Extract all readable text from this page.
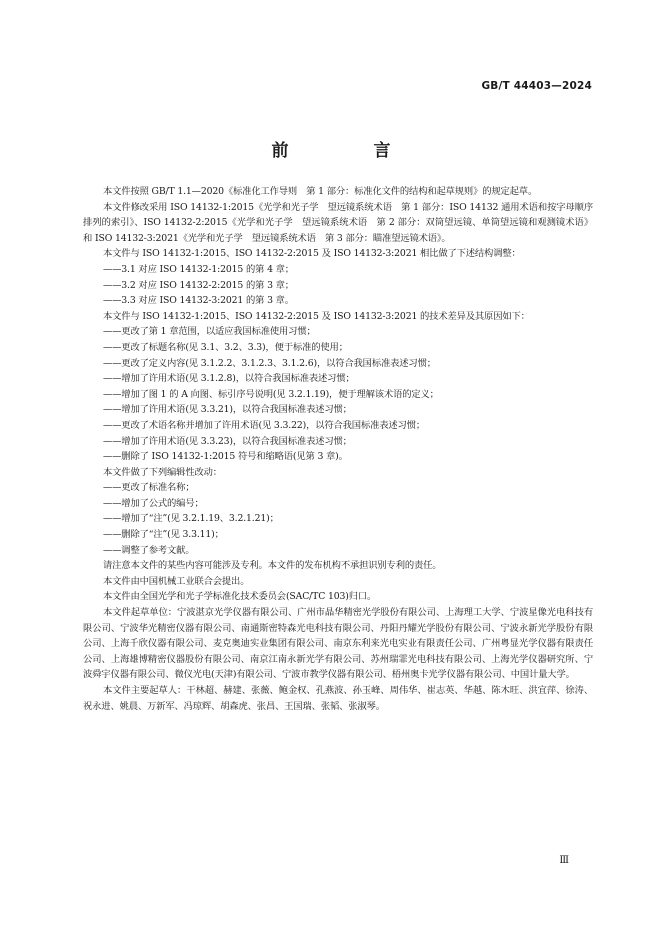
GB/T 44403—2024
前　言

本文件按照 GB/T 1.1—2020《标准化工作导则　第 1 部分：标准化文件的结构和起草规则》的规定起草。

本文件修改采用 ISO 14132-1:2015《光学和光子学　望远镜系统术语　第 1 部分：ISO 14132 通用术语和按字母顺序排列的索引》、ISO 14132-2:2015《光学和光子学　望远镜系统术语　第 2 部分：双筒望远镜、单筒望远镜和观测镜术语》和 ISO 14132-3:2021《光学和光子学　望远镜系统术语　第 3 部分：瞄准望远镜术语》。

本文件与 ISO 14132-1:2015、ISO 14132-2:2015 及 ISO 14132-3:2021 相比做了下述结构调整：

——3.1 对应 ISO 14132-1:2015 的第 4 章；

——3.2 对应 ISO 14132-2:2015 的第 3 章；

——3.3 对应 ISO 14132-3:2021 的第 3 章。

本文件与 ISO 14132-1:2015、ISO 14132-2:2015 及 ISO 14132-3:2021 的技术差异及其原因如下：

——更改了第 1 章范围，以适应我国标准使用习惯；

——更改了标题名称(见 3.1、3.2、3.3)，便于标准的使用；

——更改了定义内容(见 3.1.2.2、3.1.2.3、3.1.2.6)，以符合我国标准表述习惯；

——增加了许用术语(见 3.1.2.8)，以符合我国标准表述习惯；

——增加了图 1 的 A 向图、标引序号说明(见 3.2.1.19)，便于理解该术语的定义；

——增加了许用术语(见 3.3.21)，以符合我国标准表述习惯；

——更改了术语名称并增加了许用术语(见 3.3.22)，以符合我国标准表述习惯；

——增加了许用术语(见 3.3.23)，以符合我国标准表述习惯；

——删除了 ISO 14132-1:2015 符号和缩略语(见第 3 章)。

本文件做了下列编辑性改动：

——更改了标准名称；

——增加了公式的编号；

——增加了“注”(见 3.2.1.19、3.2.1.21)；

——删除了“注”(见 3.3.11)；

——调整了参考文献。

请注意本文件的某些内容可能涉及专利。本文件的发布机构不承担识别专利的责任。

本文件由中国机械工业联合会提出。

本文件由全国光学和光子学标准化技术委员会(SAC/TC 103)归口。

本文件起草单位：宁波湛京光学仪器有限公司、广州市晶华精密光学股份有限公司、上海理工大学、宁波星像光电科技有限公司、宁波华光精密仪器有限公司、南通斯密特森光电科技有限公司、丹阳丹耀光学股份有限公司、宁波永新光学股份有限公司、上海千欣仪器有限公司、麦克奥迪实业集团有限公司、南京东利来光电实业有限责任公司、广州粤显光学仪器有限责任公司、上海雄博精密仪器股份有限公司、南京江南永新光学有限公司、苏州瑞霏光电科技有限公司、上海光学仪器研究所、宁波舜宇仪器有限公司、微仪光电(天津)有限公司、宁波市教学仪器有限公司、梧州奥卡光学仪器有限公司、中国计量大学。

本文件主要起草人：干林超、赫建、张薇、鲍金权、孔燕波、孙玉峰、周伟华、崔志英、华越、陈木旺、洪宜萍、徐涛、祝永进、姚晨、万新军、冯琼辉、胡森虎、张昌、王国瑞、张韬、张淑琴。

Ⅲ
